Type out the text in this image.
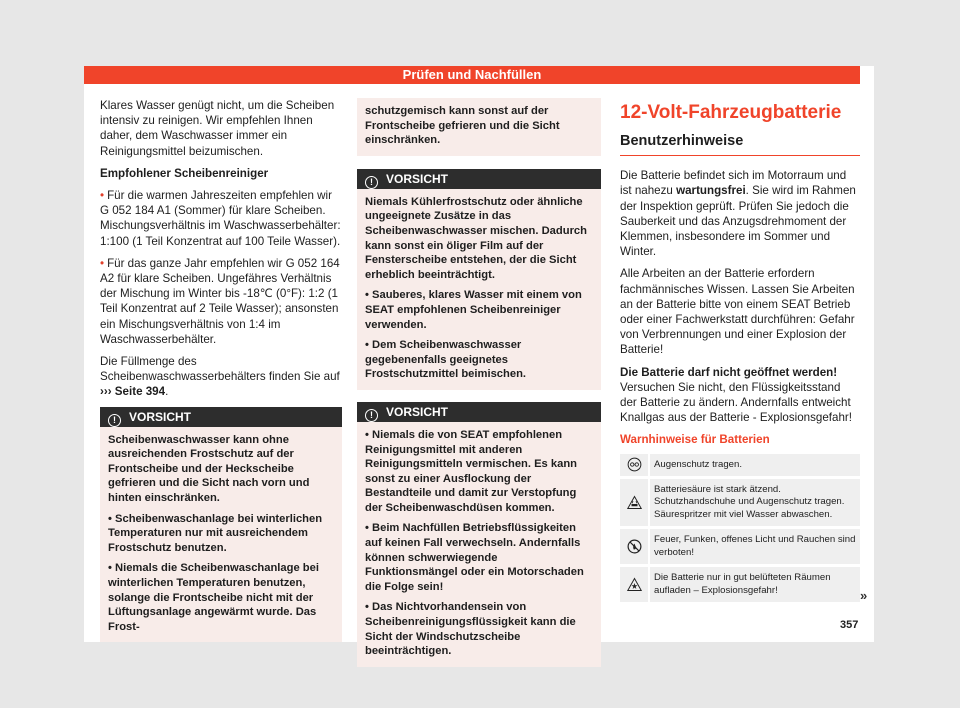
Prüfen und Nachfüllen

Klares Wasser genügt nicht, um die Scheiben intensiv zu reinigen. Wir empfehlen Ihnen daher, dem Waschwasser immer ein Reinigungsmittel beizumischen.

Empfohlener Scheibenreiniger

• Für die warmen Jahreszeiten empfehlen wir G 052 184 A1 (Sommer) für klare Scheiben. Mischungsverhältnis im Waschwasserbehälter: 1:100 (1 Teil Konzentrat auf 100 Teile Wasser).

• Für das ganze Jahr empfehlen wir G 052 164 A2 für klare Scheiben. Ungefähres Verhältnis der Mischung im Winter bis -18℃ (0°F): 1:2 (1 Teil Konzentrat auf 2 Teile Wasser); ansonsten ein Mischungsverhältnis von 1:4 im Waschwasserbehälter.

Die Füllmenge des Scheibenwaschwasserbehälters finden Sie auf ››› Seite 394.

! VORSICHT
Scheibenwaschwasser kann ohne ausreichenden Frostschutz auf der Frontscheibe und der Heckscheibe gefrieren und die Sicht nach vorn und hinten einschränken.
• Scheibenwaschanlage bei winterlichen Temperaturen nur mit ausreichendem Frostschutz benutzen.
• Niemals die Scheibenwaschanlage bei winterlichen Temperaturen benutzen, solange die Frontscheibe nicht mit der Lüftungsanlage angewärmt wurde. Das Frost-
schutzgemisch kann sonst auf der Frontscheibe gefrieren und die Sicht einschränken.
! VORSICHT
Niemals Kühlerfrostschutz oder ähnliche ungeeignete Zusätze in das Scheibenwaschwasser mischen. Dadurch kann sonst ein öliger Film auf der Fensterscheibe entstehen, der die Sicht erheblich beeinträchtigt.
• Sauberes, klares Wasser mit einem von SEAT empfohlenen Scheibenreiniger verwenden.
• Dem Scheibenwaschwasser gegebenenfalls geeignetes Frostschutzmittel beimischen.
! VORSICHT
• Niemals die von SEAT empfohlenen Reinigungsmittel mit anderen Reinigungsmitteln vermischen. Es kann sonst zu einer Ausflockung der Bestandteile und damit zur Verstopfung der Scheibenwaschdüsen kommen.
• Beim Nachfüllen Betriebsflüssigkeiten auf keinen Fall verwechseln. Andernfalls können schwerwiegende Funktionsmängel oder ein Motorschaden die Folge sein!
• Das Nichtvorhandensein von Scheibenreinigungsflüssigkeit kann die Sicht der Windschutzscheibe beeinträchtigen.
12-Volt-Fahrzeugbatterie
Benutzerhinweise

Die Batterie befindet sich im Motorraum und ist nahezu wartungsfrei. Sie wird im Rahmen der Inspektion geprüft. Prüfen Sie jedoch die Sauberkeit und das Anzugsdrehmoment der Klemmen, insbesondere im Sommer und Winter.

Alle Arbeiten an der Batterie erfordern fachmännisches Wissen. Lassen Sie Arbeiten an der Batterie bitte von einem SEAT Betrieb oder einer Fachwerkstatt durchführen: Gefahr von Verbrennungen und einer Explosion der Batterie!

Die Batterie darf nicht geöffnet werden!
Versuchen Sie nicht, den Flüssigkeitsstand der Batterie zu ändern. Andernfalls entweicht Knallgas aus der Batterie - Explosionsgefahr!

Warnhinweise für Batterien
Augenschutz tragen.
Batteriesäure ist stark ätzend. Schutzhandschuhe und Augenschutz tragen. Säurespritzer mit viel Wasser abwaschen.
Feuer, Funken, offenes Licht und Rauchen sind verboten!
Die Batterie nur in gut belüfteten Räumen aufladen – Explosionsgefahr!	»
357
